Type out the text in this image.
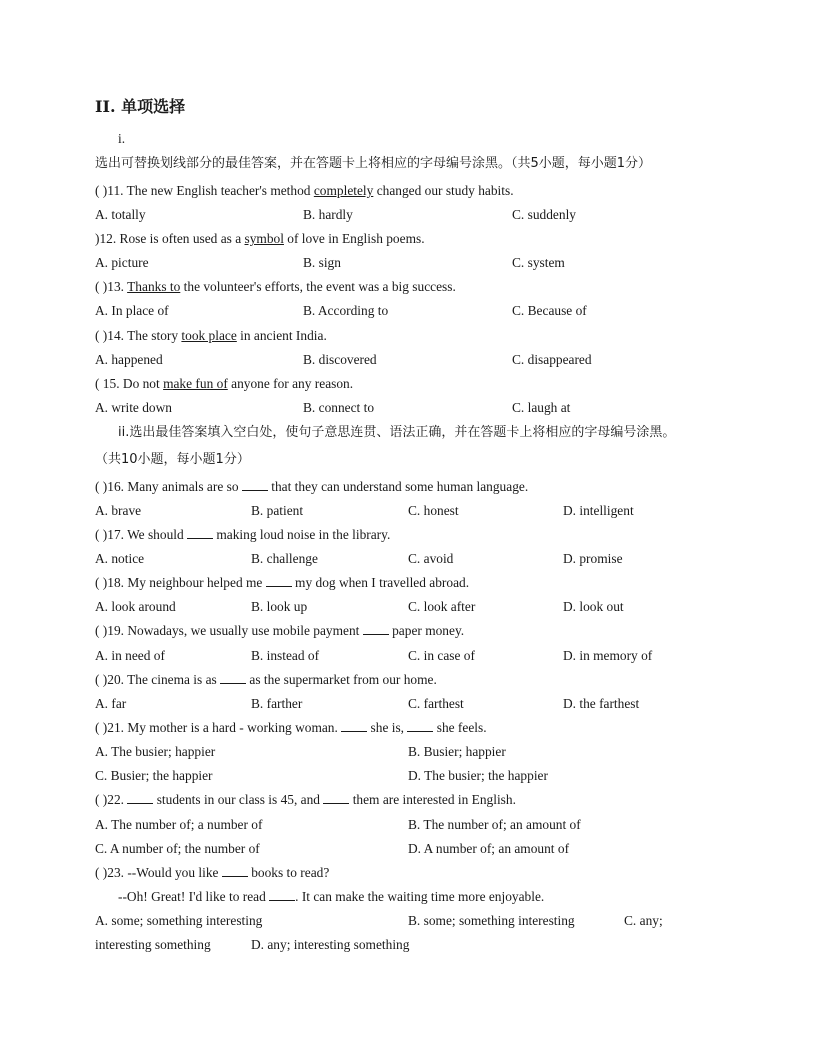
II. 单项选择
i.
选出可替换划线部分的最佳答案，并在答题卡上将相应的字母编号涂黑。（共5小题，每小题1分）
( )11. The new English teacher's method completely changed our study habits.
A. totally	B. hardly	C. suddenly
)12. Rose is often used as a symbol of love in English poems.
A. picture	B. sign	C. system
( )13. Thanks to the volunteer's efforts, the event was a big success.
A. In place of	B. According to	C. Because of
( )14. The story took place in ancient India.
A. happened	B. discovered	C. disappeared
( 15. Do not make fun of anyone for any reason.
A. write down	B. connect to	C. laugh at
ii.选出最佳答案填入空白处，使句子意思连贯、语法正确，并在答题卡上将相应的字母编号涂黑。
（共10小题，每小题1分）
( )16. Many animals are so  that they can understand some human language.
A. brave	B. patient	C. honest	D. intelligent
( )17. We should  making loud noise in the library.
A. notice	B. challenge	C. avoid	D. promise
( )18. My neighbour helped me  my dog when I travelled abroad.
A. look around	B. look up	C. look after	D. look out
( )19. Nowadays, we usually use mobile payment  paper money.
A. in need of	B. instead of	C. in case of	D. in memory of
( )20. The cinema is as  as the supermarket from our home.
A. far	B. farther	C. farthest	D. the farthest
( )21. My mother is a hard - working woman.  she is,  she feels.
A. The busier; happier	B. Busier; happier
C. Busier; the happier	D. The busier; the happier
( )22.  students in our class is 45, and  them are interested in English.
A. The number of; a number of	B. The number of; an amount of
C. A number of; the number of	D. A number of; an amount of
( )23. --Would you like  books to read?
--Oh! Great! I'd like to read . It can make the waiting time more enjoyable.
A. some; something interesting	B. some; something interesting	C. any;
interesting something	D. any; interesting something
